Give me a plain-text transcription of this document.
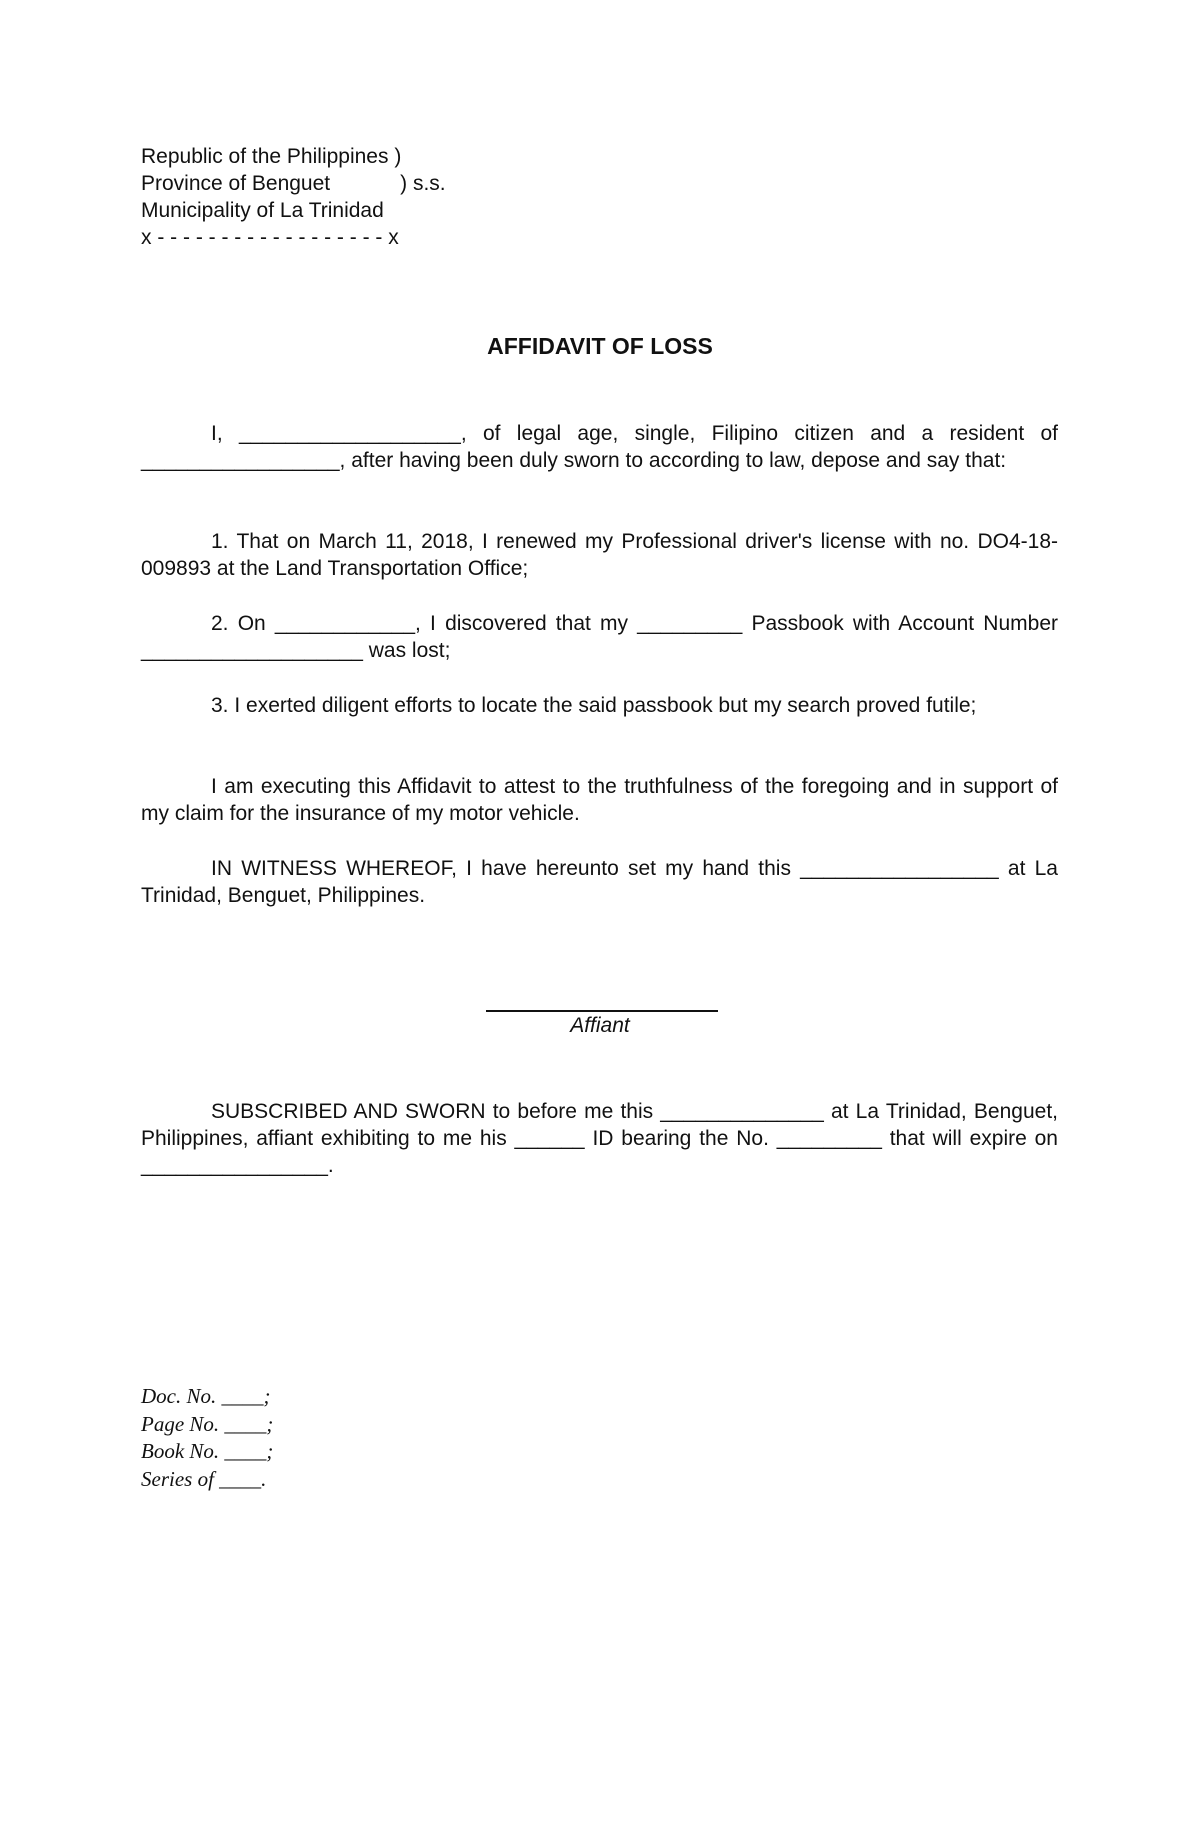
Republic of the Philippines )
Province of Benguet            ) s.s.
Municipality of La Trinidad
x - - - - - - - - - - - - - - - - - - x
AFFIDAVIT OF LOSS
I, ___________________, of legal age, single, Filipino citizen and a resident of _________________, after having been duly sworn to according to law, depose and say that:
1. That on March 11, 2018, I renewed my Professional driver's license with no. DO4-18-009893 at the Land Transportation Office;
2. On ____________, I discovered that my _________ Passbook with Account Number ___________________ was lost;
3. I exerted diligent efforts to locate the said passbook but my search proved futile;
I am executing this Affidavit to attest to the truthfulness of the foregoing and in support of my claim for the insurance of my motor vehicle.
IN WITNESS WHEREOF, I have hereunto set my hand this _________________ at La Trinidad, Benguet, Philippines.
Affiant
SUBSCRIBED AND SWORN to before me this ______________ at La Trinidad, Benguet, Philippines, affiant exhibiting to me his ______ ID bearing the No. _________ that will expire on ________________.
Doc. No. ____;
Page No. ____;
Book No. ____;
Series of ____.
